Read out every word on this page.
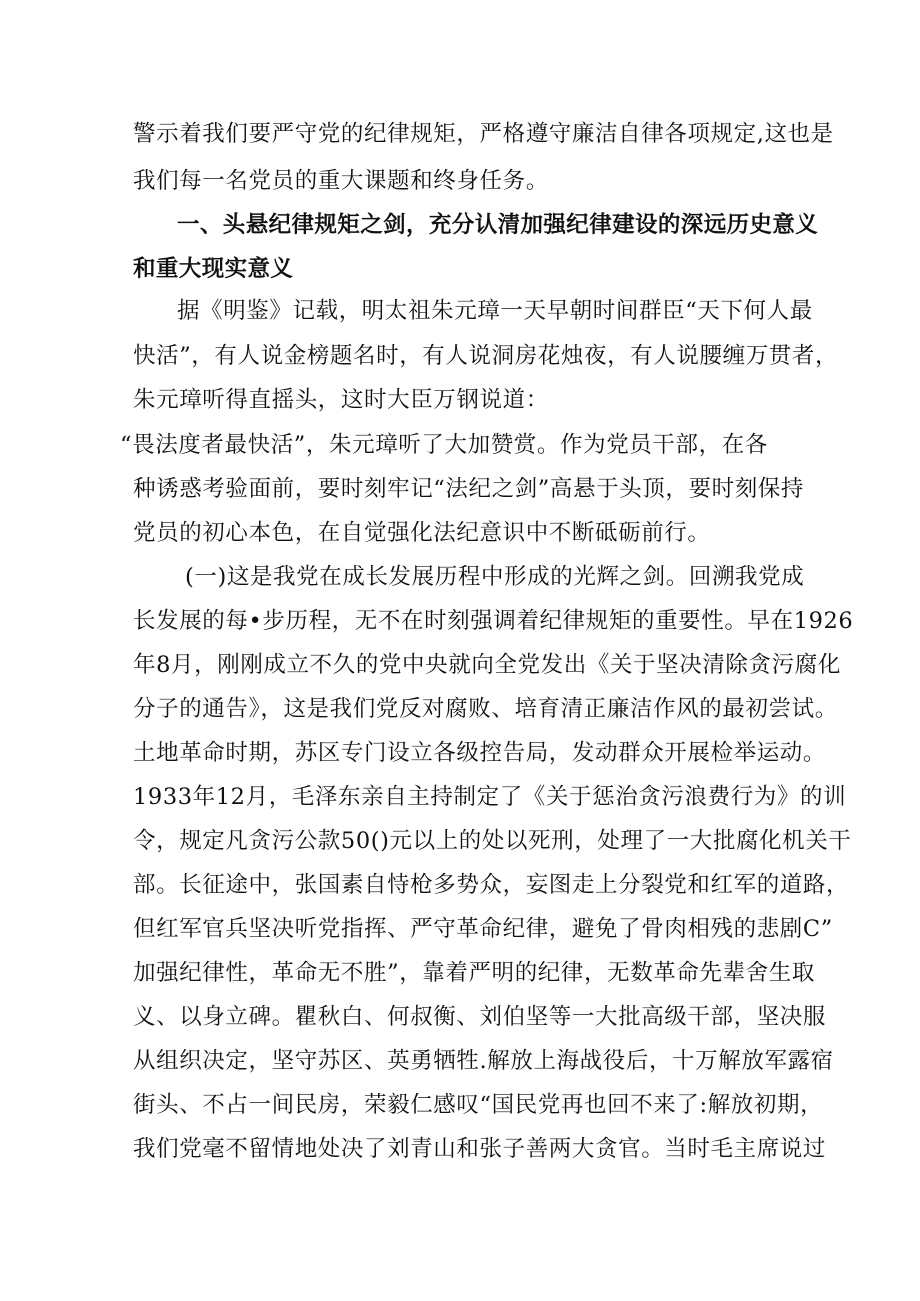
警示着我们要严守党的纪律规矩，严格遵守廉洁自律各项规定,这也是
我们每一名党员的重大课题和终身任务。
一、头悬纪律规矩之剑，充分认清加强纪律建设的深远历史意义
和重大现实意义
据《明鉴》记载，明太祖朱元璋一天早朝时间群臣“天下何人最
快活”，有人说金榜题名时，有人说洞房花烛夜，有人说腰缠万贯者，
朱元璋听得直摇头，这时大臣万钢说道：
“畏法度者最快活”，朱元璋听了大加赞赏。作为党员干部，在各
种诱惑考验面前，要时刻牢记“法纪之剑”高悬于头顶，要时刻保持
党员的初心本色，在自觉强化法纪意识中不断砥砺前行。
(一)这是我党在成长发展历程中形成的光辉之剑。回溯我党成
长发展的每•步历程，无不在时刻强调着纪律规矩的重要性。早在1926
年8月，刚刚成立不久的党中央就向全党发出《关于坚决清除贪污腐化
分子的通告》，这是我们党反对腐败、培育清正廉洁作风的最初尝试。
土地革命时期，苏区专门设立各级控告局，发动群众开展检举运动。
1933年12月，毛泽东亲自主持制定了《关于惩治贪污浪费行为》的训
令，规定凡贪污公款50()元以上的处以死刑，处理了一大批腐化机关干
部。长征途中，张国素自恃枪多势众，妄图走上分裂党和红军的道路，
但红军官兵坚决听党指挥、严守革命纪律，避免了骨肉相残的悲剧C”
加强纪律性，革命无不胜”，靠着严明的纪律，无数革命先辈舍生取
义、以身立碑。瞿秋白、何叔衡、刘伯坚等一大批高级干部，坚决服
从组织决定，坚守苏区、英勇牺牲.解放上海战役后，十万解放军露宿
街头、不占一间民房，荣毅仁感叹“国民党再也回不来了:解放初期，
我们党毫不留情地处决了刘青山和张子善两大贪官。当时毛主席说过
